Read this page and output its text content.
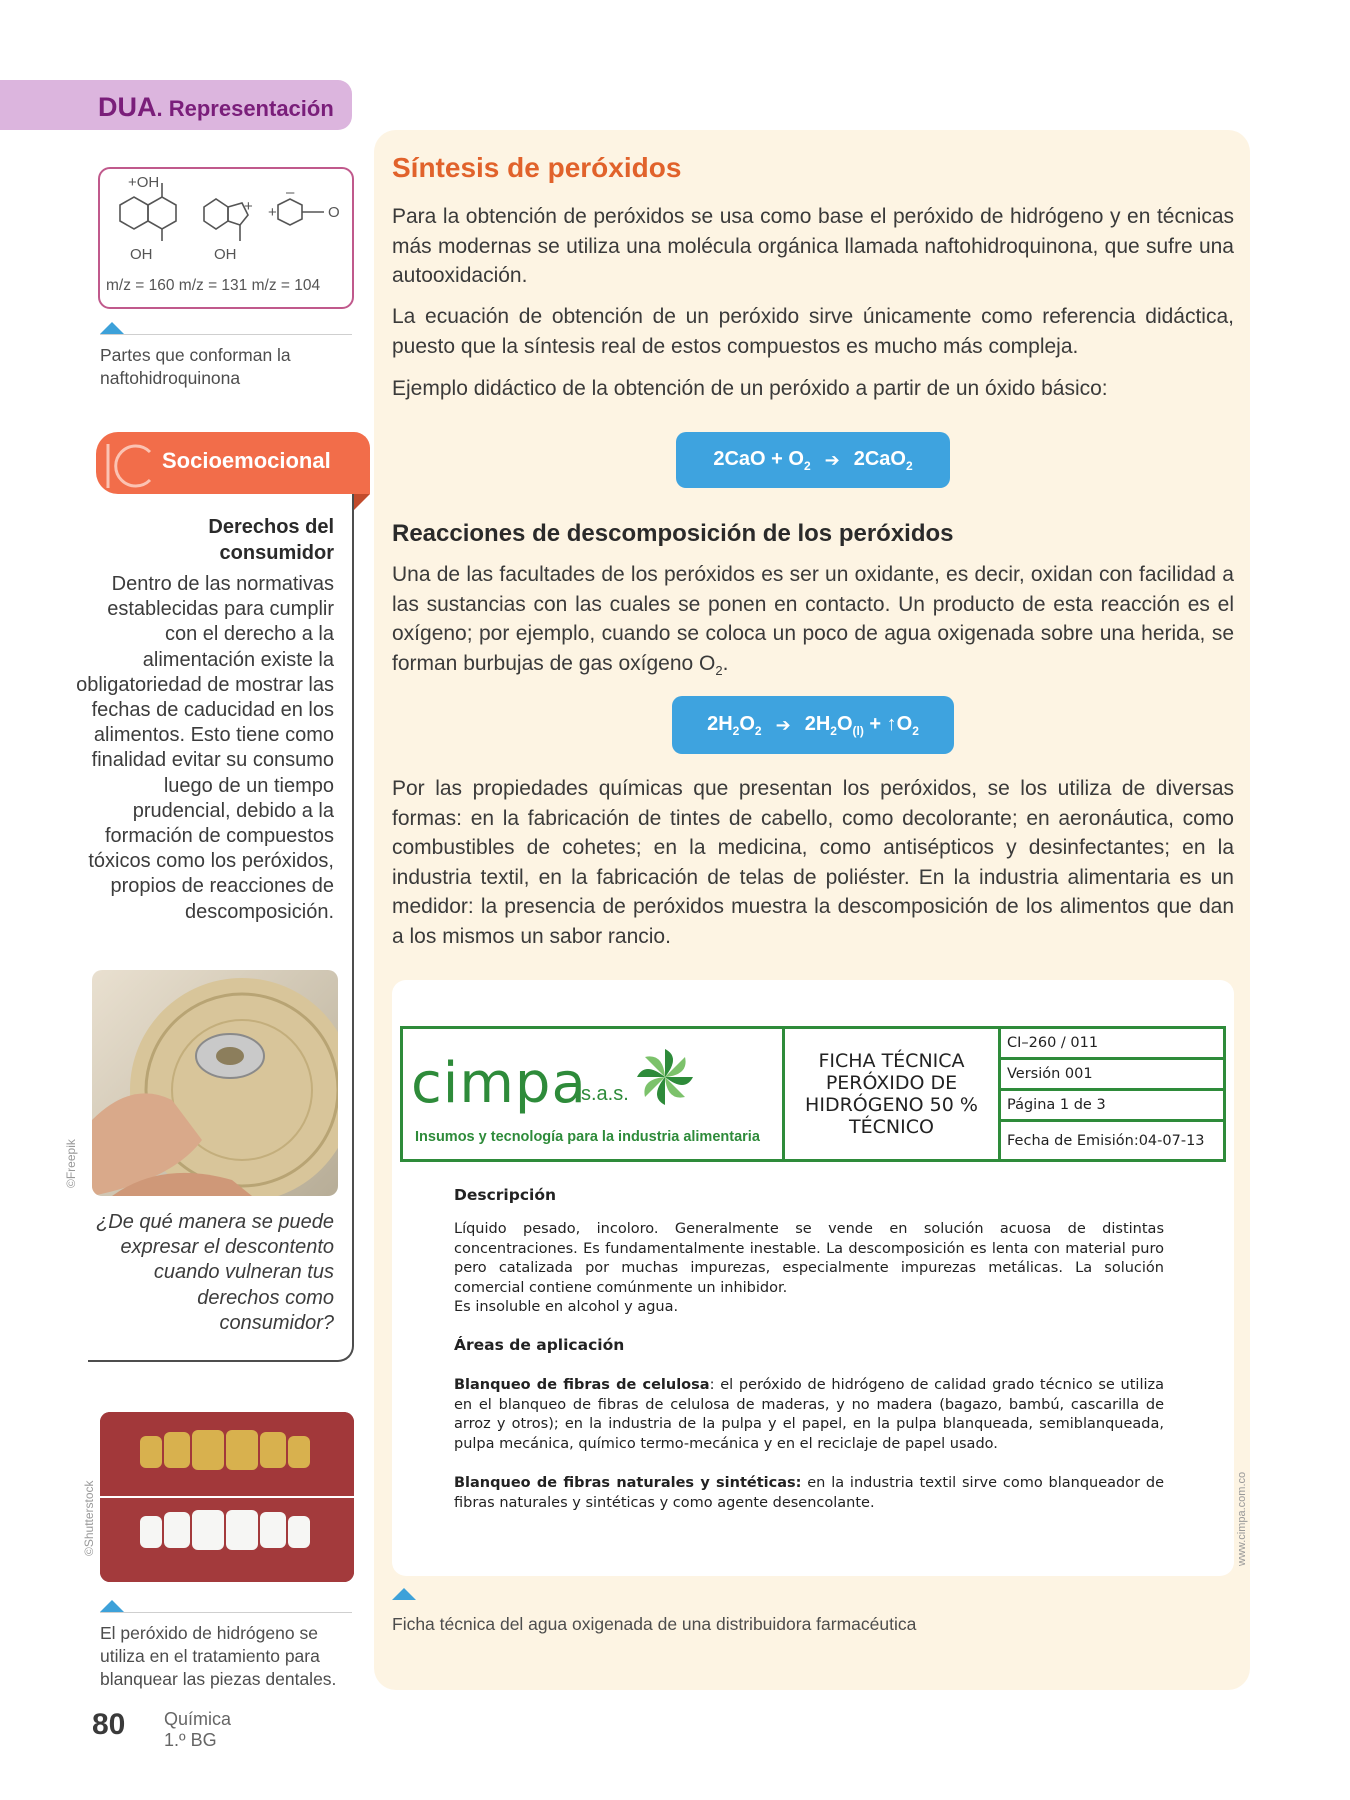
DUA. Representación
+OH
OH	OH
+ +
–
O
m/z = 160 m/z = 131 m/z = 104
Partes que conforman la naftohidroquinona
Socioemocional
Derechos del consumidor
Dentro de las normativas establecidas para cumplir con el derecho a la alimentación existe la obligatoriedad de mostrar las fechas de caducidad en los alimentos. Esto tiene como finalidad evitar su consumo luego de un tiempo prudencial, debido a la formación de compuestos tóxicos como los peróxidos, propios de reacciones de descomposición.
¿De qué manera se puede expresar el descontento cuando vulneran tus derechos como consumidor?
©Freepik
©Shutterstock
El peróxido de hidrógeno se utiliza en el tratamiento para blanquear las piezas dentales.
80 Química
1.º BG
Síntesis de peróxidos
Para la obtención de peróxidos se usa como base el peróxido de hidrógeno y en técnicas más modernas se utiliza una molécula orgánica llamada naftohidroquinona, que sufre una autooxidación.
La ecuación de obtención de un peróxido sirve únicamente como referencia didáctica, puesto que la síntesis real de estos compuestos es mucho más compleja.
Ejemplo didáctico de la obtención de un peróxido a partir de un óxido básico:
$2CaO + O_2$ ➔ 2CaO$_2$
Reacciones de descomposición de los peróxidos
Una de las facultades de los peróxidos es ser un oxidante, es decir, oxidan con facilidad a las sustancias con las cuales se ponen en contacto. Un producto de esta reacción es el oxígeno; por ejemplo, cuando se coloca un poco de agua oxigenada sobre una herida, se forman burbujas de gas oxígeno $O_2$.
$2H_2O_2$ ➔ $2H_2O_{(l)}$ + $↑O_2$
Por las propiedades químicas que presentan los peróxidos, se los utiliza de diversas formas: en la fabricación de tintes de cabello, como decolorante; en aeronáutica, como combustibles de cohetes; en la medicina, como antisépticos y desinfectantes; en la industria textil, en la fabricación de telas de poliéster. En la industria alimentaria es un medidor: la presencia de peróxidos muestra la descomposición de los alimentos que dan a los mismos un sabor rancio.
cimpa
s.a.s.
Insumos y tecnología para la industria alimentaria
FICHA TÉCNICA PERÓXIDO DE HIDRÓGENO 50 % TÉCNICO
CI–260 / 011
Versión 001
Página 1 de 3
Fecha de Emisión:04-07-13
Descripción
Líquido pesado, incoloro. Generalmente se vende en solución acuosa de distintas concentraciones. Es fundamentalmente inestable. La descomposición es lenta con material puro pero catalizada por muchas impurezas, especialmente impurezas metálicas. La solución comercial contiene comúnmente un inhibidor.
Es insoluble en alcohol y agua.
Áreas de aplicación
Blanqueo de fibras de celulosa: el peróxido de hidrógeno de calidad grado técnico se utiliza en el blanqueo de fibras de celulosa de maderas, y no madera (bagazo, bambú, cascarilla de arroz y otros); en la industria de la pulpa y el papel, en la pulpa blanqueada, semiblanqueada, pulpa mecánica, químico termo-mecánica y en el reciclaje de papel usado.
Blanqueo de fibras naturales y sintéticas: en la industria textil sirve como blanqueador de fibras naturales y sintéticas y como agente desencolante.	www.cimpa.com.co
Ficha técnica del agua oxigenada de una distribuidora farmacéutica
